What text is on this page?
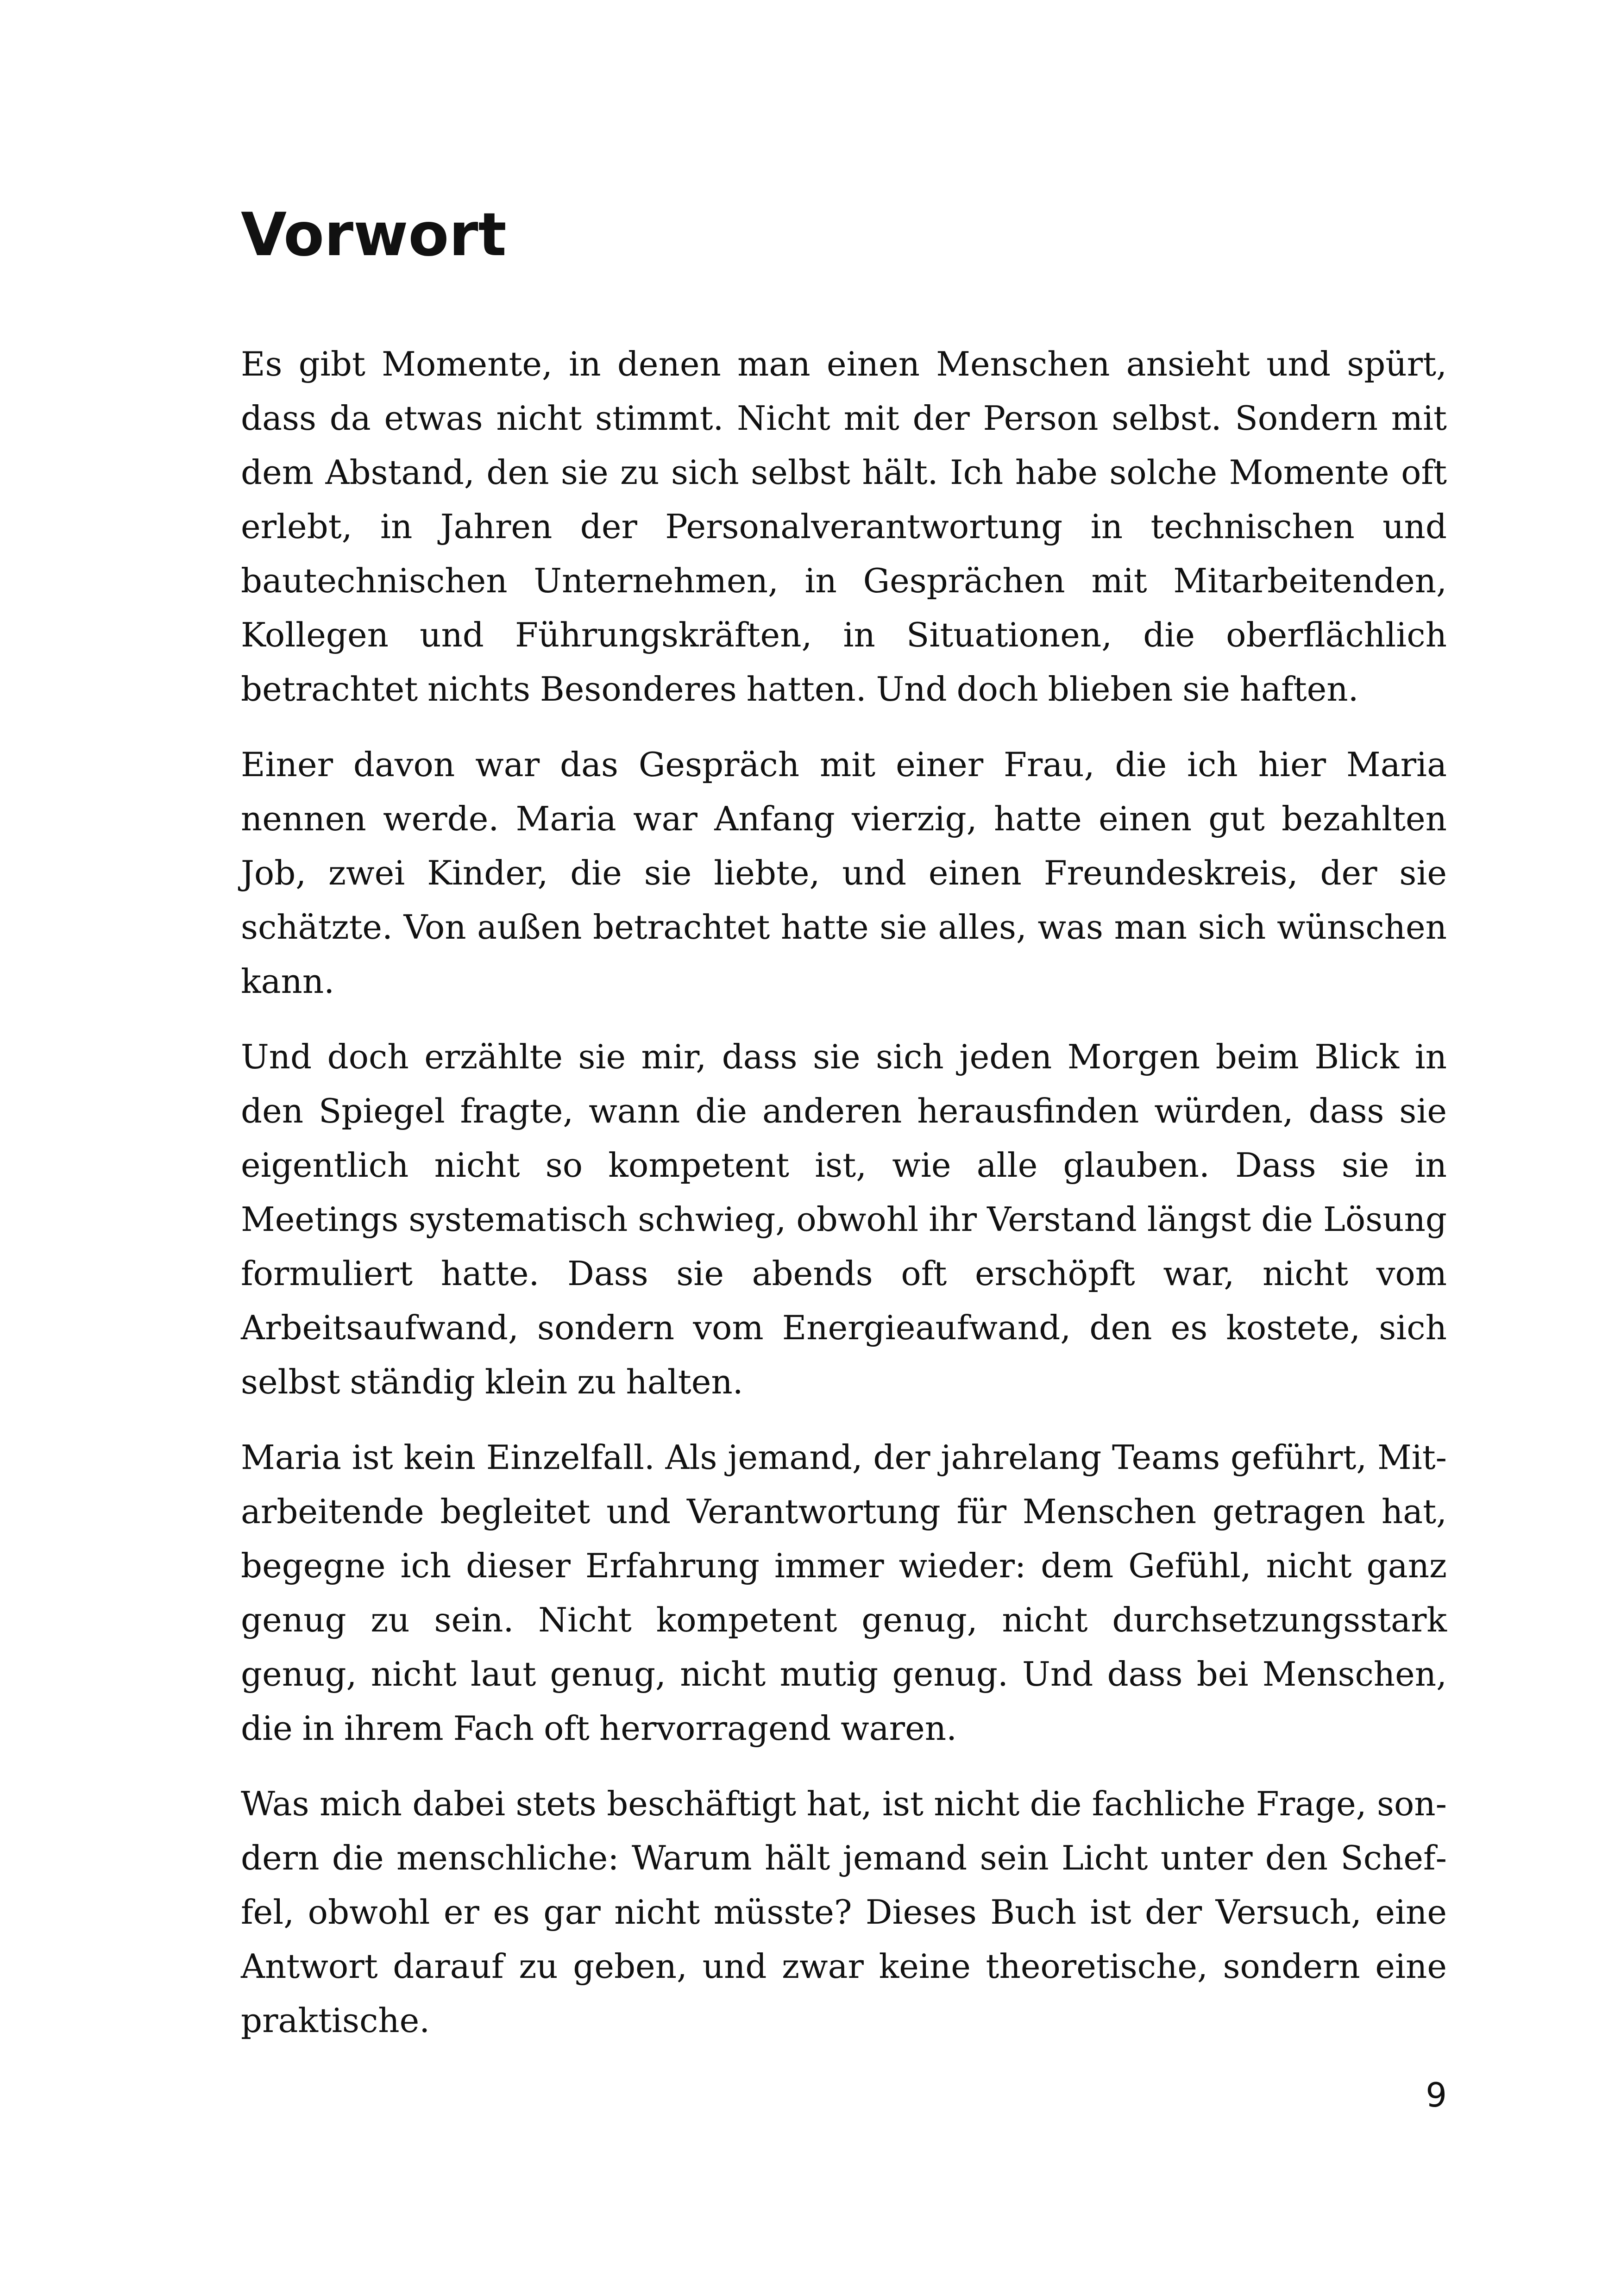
Vorwort

Es gibt Momente, in denen man einen Menschen ansieht und spürt, dass da etwas nicht stimmt. Nicht mit der Person selbst. Sondern mit dem Abstand, den sie zu sich selbst hält. Ich habe solche Momente oft erlebt, in Jahren der Personalverantwortung in technischen und bautechnischen Unternehmen, in Gesprächen mit Mitarbeitenden, Kollegen und Führungskräften, in Situationen, die oberflächlich betrachtet nichts Besonderes hatten. Und doch blieben sie haften.

Einer davon war das Gespräch mit einer Frau, die ich hier Maria nennen werde. Maria war Anfang vierzig, hatte einen gut bezahlten Job, zwei Kinder, die sie liebte, und einen Freundeskreis, der sie schätzte. Von außen betrachtet hatte sie alles, was man sich wünschen kann.

Und doch erzählte sie mir, dass sie sich jeden Morgen beim Blick in den Spiegel fragte, wann die anderen herausfinden würden, dass sie eigentlich nicht so kompetent ist, wie alle glauben. Dass sie in Meetings systematisch schwieg, obwohl ihr Verstand längst die Lösung formuliert hatte. Dass sie abends oft erschöpft war, nicht vom Arbeitsaufwand, sondern vom Energieaufwand, den es kostete, sich selbst ständig klein zu halten.

Maria ist kein Einzelfall. Als jemand, der jahrelang Teams geführt, Mitarbeitende begleitet und Verantwortung für Menschen getragen hat, begegne ich dieser Erfahrung immer wieder: dem Gefühl, nicht ganz genug zu sein. Nicht kompetent genug, nicht durchsetzungsstark genug, nicht laut genug, nicht mutig genug. Und dass bei Menschen, die in ihrem Fach oft hervorragend waren.

Was mich dabei stets beschäftigt hat, ist nicht die fachliche Frage, sondern die menschliche: Warum hält jemand sein Licht unter den Scheffel, obwohl er es gar nicht müsste? Dieses Buch ist der Versuch, eine Antwort darauf zu geben, und zwar keine theoretische, sondern eine praktische.

9
